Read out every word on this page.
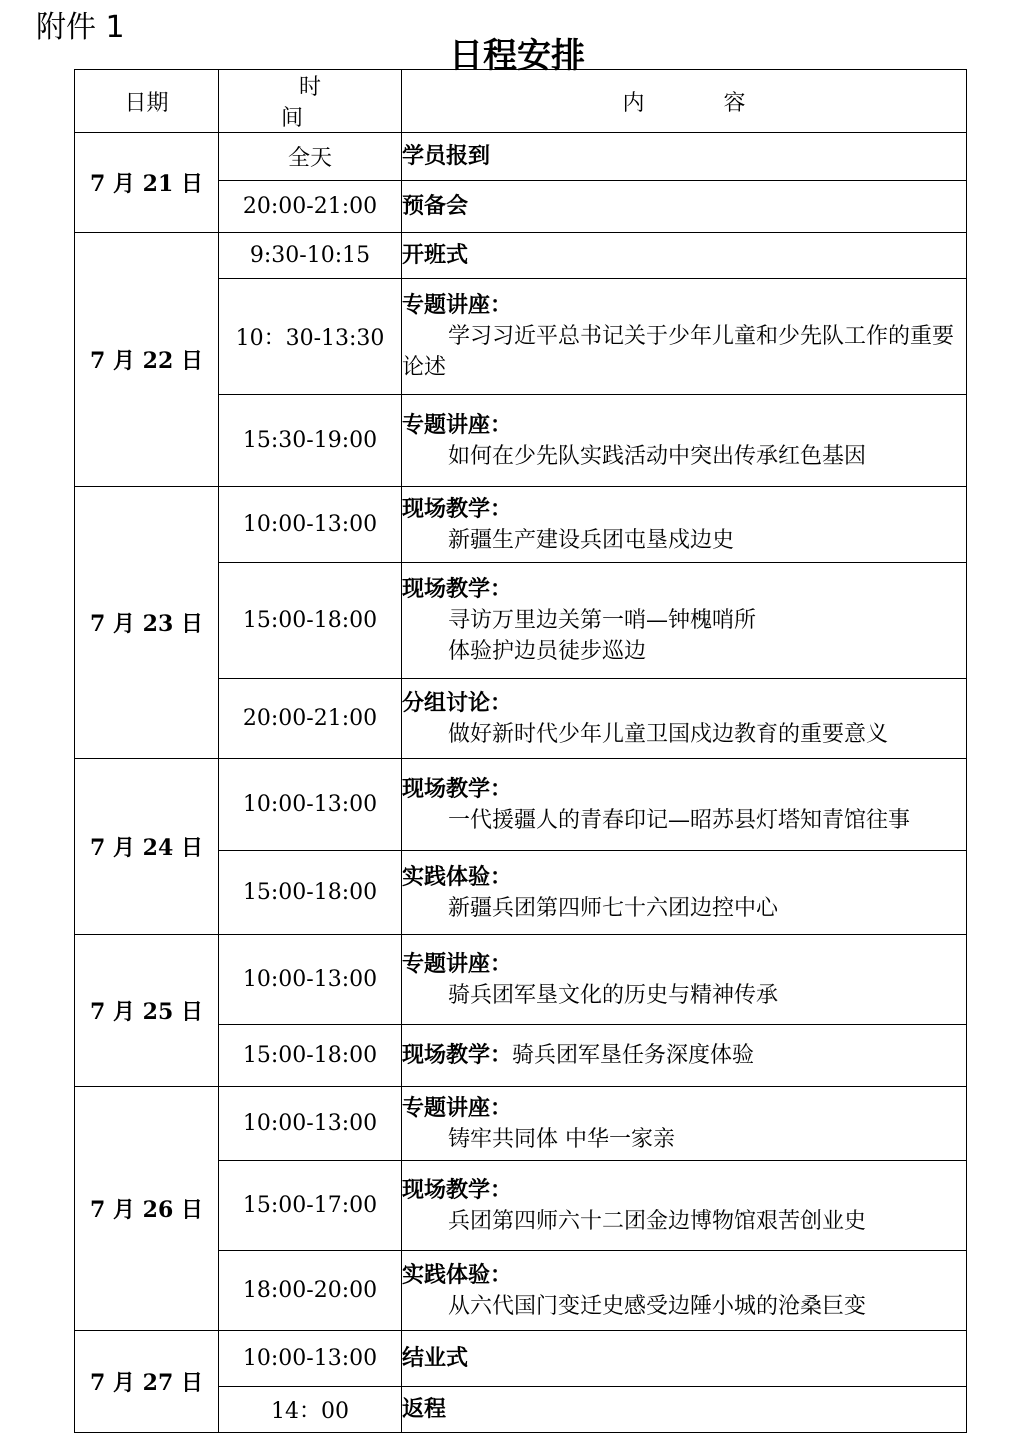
附件 1
日程安排
日期	时 间	内 容
7 月 21 日	全天	学员报到
	20:00-21:00	预备会
7 月 22 日	9:30-10:15	开班式
	10：30-13:30	专题讲座：
学习习近平总书记关于少年儿童和少先队工作的重要论述

	15:30-19:00	专题讲座：
如何在少先队实践活动中突出传承红色基因

7 月 23 日	10:00-13:00	现场教学：
新疆生产建设兵团屯垦戍边史

	15:00-18:00	现场教学：
寻访万里边关第一哨—钟槐哨所
体验护边员徒步巡边

	20:00-21:00	分组讨论：
做好新时代少年儿童卫国戍边教育的重要意义

7 月 24 日	10:00-13:00	现场教学：
一代援疆人的青春印记—昭苏县灯塔知青馆往事

	15:00-18:00	实践体验：
新疆兵团第四师七十六团边控中心

7 月 25 日	10:00-13:00	专题讲座：
骑兵团军垦文化的历史与精神传承

	15:00-18:00	现场教学：骑兵团军垦任务深度体验
7 月 26 日	10:00-13:00	专题讲座：
铸牢共同体 中华一家亲

	15:00-17:00	现场教学：
兵团第四师六十二团金边博物馆艰苦创业史

	18:00-20:00	实践体验：
从六代国门变迁史感受边陲小城的沧桑巨变

7 月 27 日	10:00-13:00	结业式
	14：00	返程
